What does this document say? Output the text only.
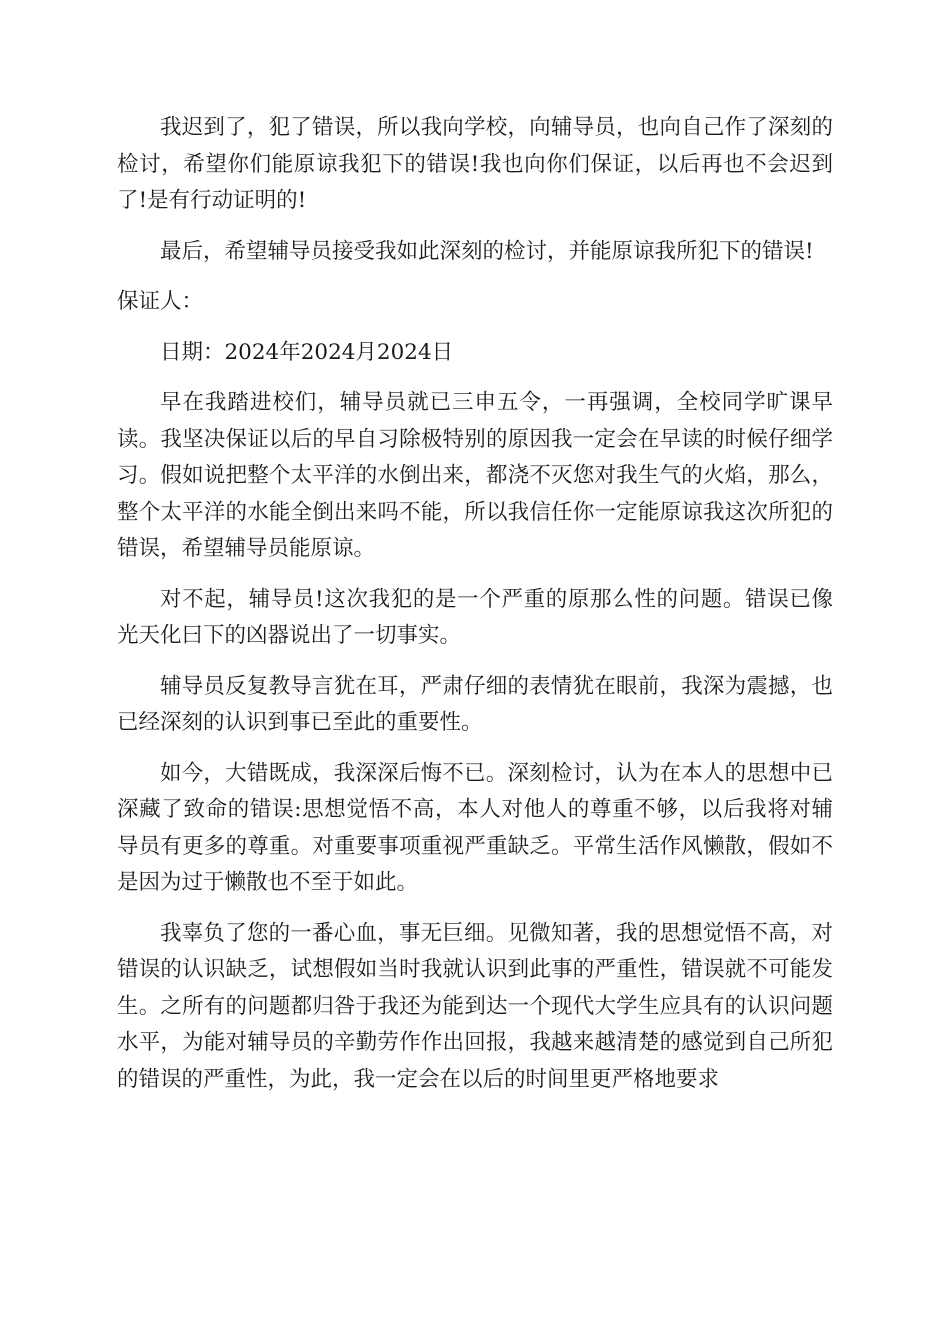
我迟到了，犯了错误，所以我向学校，向辅导员，也向自己作了深刻的检讨，希望你们能原谅我犯下的错误!我也向你们保证，以后再也不会迟到了!是有行动证明的!

最后，希望辅导员接受我如此深刻的检讨，并能原谅我所犯下的错误!

保证人：

日期：2024年2024月2024日

早在我踏进校们，辅导员就已三申五令，一再强调，全校同学旷课早读。我坚决保证以后的早自习除极特别的原因我一定会在早读的时候仔细学习。假如说把整个太平洋的水倒出来，都浇不灭您对我生气的火焰，那么，整个太平洋的水能全倒出来吗不能，所以我信任你一定能原谅我这次所犯的错误，希望辅导员能原谅。

对不起，辅导员!这次我犯的是一个严重的原那么性的问题。错误已像光天化曰下的凶器说出了一切事实。

辅导员反复教导言犹在耳，严肃仔细的表情犹在眼前，我深为震撼，也已经深刻的认识到事已至此的重要性。

如今，大错既成，我深深后悔不已。深刻检讨，认为在本人的思想中已深藏了致命的错误:思想觉悟不高，本人对他人的尊重不够，以后我将对辅导员有更多的尊重。对重要事项重视严重缺乏。平常生活作风懒散，假如不是因为过于懒散也不至于如此。

我辜负了您的一番心血，事无巨细。见微知著，我的思想觉悟不高，对错误的认识缺乏，试想假如当时我就认识到此事的严重性，错误就不可能发生。之所有的问题都归咎于我还为能到达一个现代大学生应具有的认识问题水平，为能对辅导员的辛勤劳作作出回报，我越来越清楚的感觉到自己所犯的错误的严重性，为此，我一定会在以后的时间里更严格地要求
